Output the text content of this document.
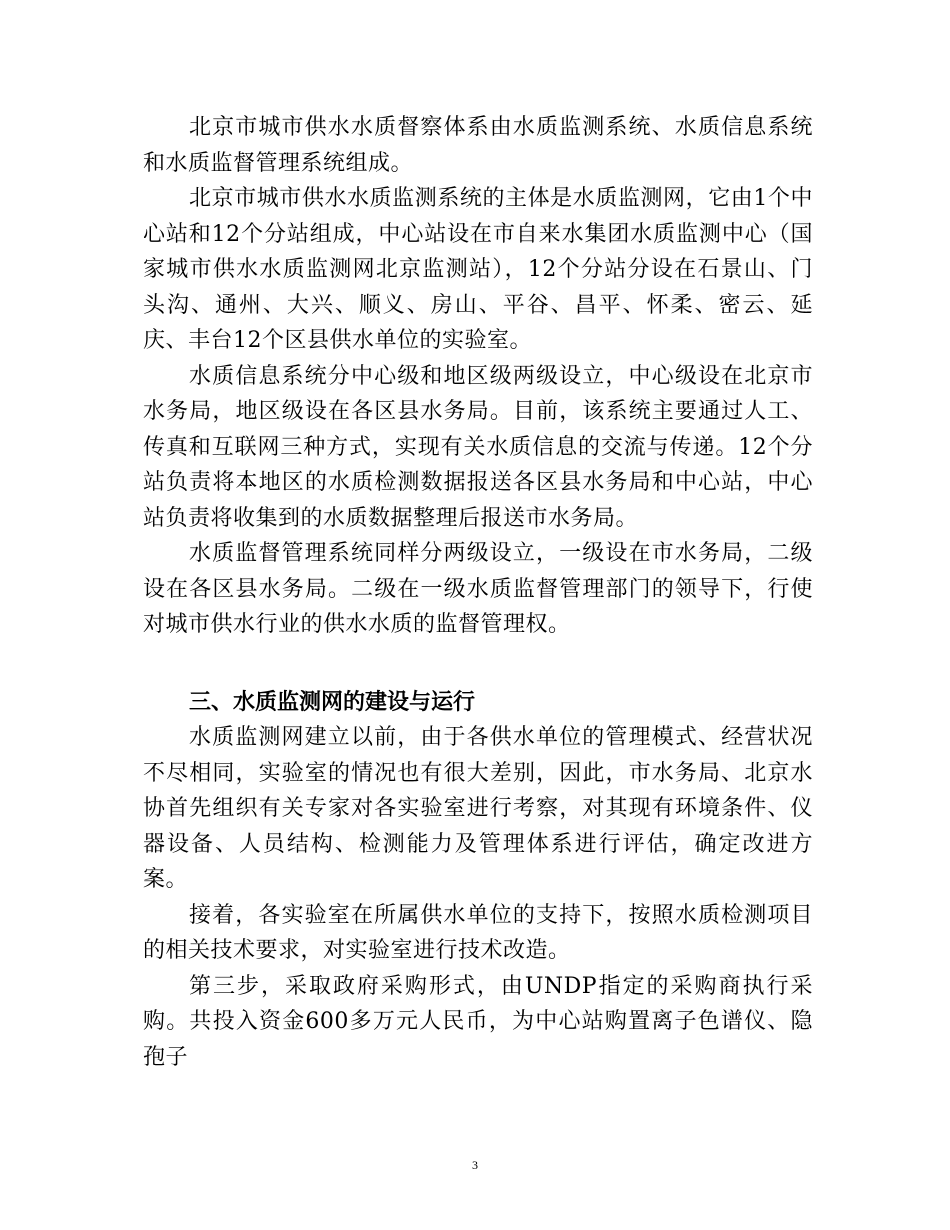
北京市城市供水水质督察体系由水质监测系统、水质信息系统和水质监督管理系统组成。

北京市城市供水水质监测系统的主体是水质监测网，它由1个中心站和12个分站组成，中心站设在市自来水集团水质监测中心（国家城市供水水质监测网北京监测站），12个分站分设在石景山、门头沟、通州、大兴、顺义、房山、平谷、昌平、怀柔、密云、延庆、丰台12个区县供水单位的实验室。

水质信息系统分中心级和地区级两级设立，中心级设在北京市水务局，地区级设在各区县水务局。目前，该系统主要通过人工、传真和互联网三种方式，实现有关水质信息的交流与传递。12个分站负责将本地区的水质检测数据报送各区县水务局和中心站，中心站负责将收集到的水质数据整理后报送市水务局。

水质监督管理系统同样分两级设立，一级设在市水务局，二级设在各区县水务局。二级在一级水质监督管理部门的领导下，行使对城市供水行业的供水水质的监督管理权。

三、水质监测网的建设与运行

水质监测网建立以前，由于各供水单位的管理模式、经营状况不尽相同，实验室的情况也有很大差别，因此，市水务局、北京水协首先组织有关专家对各实验室进行考察，对其现有环境条件、仪器设备、人员结构、检测能力及管理体系进行评估，确定改进方案。

接着，各实验室在所属供水单位的支持下，按照水质检测项目的相关技术要求，对实验室进行技术改造。

第三步，采取政府采购形式，由UNDP指定的采购商执行采购。共投入资金600多万元人民币，为中心站购置离子色谱仪、隐孢子

3
